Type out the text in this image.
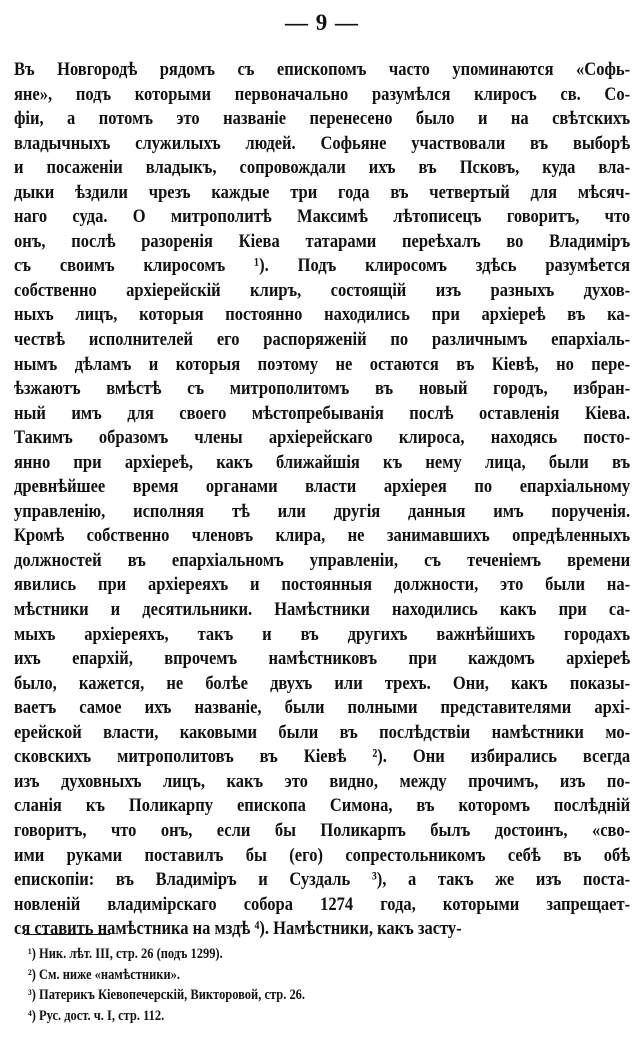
— 9 —
Въ Новгородѣ рядомъ съ епископомъ часто упоминаются «Софь-
яне», подъ которыми первоначально разумѣлся клиросъ св. Со-
фіи, а потомъ это названіе перенесено было и на свѣтскихъ
владычныхъ служилыхъ людей. Софьяне участвовали въ выборѣ
и посаженіи владыкъ, сопровождали ихъ въ Псковъ, куда вла-
дыки ѣздили чрезъ каждые три года въ четвертый для мѣсяч-
наго суда. О митрополитѣ Максимѣ лѣтописецъ говоритъ, что
онъ, послѣ разоренія Кіева татарами переѣхалъ во Владиміръ
съ своимъ клиросомъ ¹). Подъ клиросомъ здѣсь разумѣется
собственно архіерейскій клиръ, состоящій изъ разныхъ духов-
ныхъ лицъ, которыя постоянно находились при архіереѣ въ ка-
чествѣ исполнителей его распоряженій по различнымъ епархіаль-
нымъ дѣламъ и которыя поэтому не остаются въ Кіевѣ, но пере-
ѣзжаютъ вмѣстѣ съ митрополитомъ въ новый городъ, избран-
ный имъ для своего мѣстопребыванія послѣ оставленія Кіева.
Такимъ образомъ члены архіерейскаго клироса, находясь посто-
янно при архіереѣ, какъ ближайшія къ нему лица, были въ
древнѣйшее время органами власти архіерея по епархіальному
управленію, исполняя тѣ или другія данныя имъ порученія.
Кромѣ собственно членовъ клира, не занимавшихъ опредѣленныхъ
должностей въ епархіальномъ управленіи, съ теченіемъ времени
явились при архіереяхъ и постоянныя должности, это были на-
мѣстники и десятильники. Намѣстники находились какъ при са-
мыхъ архіереяхъ, такъ и въ другихъ важнѣйшихъ городахъ
ихъ епархій, впрочемъ намѣстниковъ при каждомъ архіереѣ
было, кажется, не болѣе двухъ или трехъ. Они, какъ показы-
ваетъ самое ихъ названіе, были полными представителями архі-
ерейской власти, каковыми были въ послѣдствіи намѣстники мо-
сковскихъ митрополитовъ въ Кіевѣ ²). Они избирались всегда
изъ духовныхъ лицъ, какъ это видно, между прочимъ, изъ по-
сланія къ Поликарпу епископа Симона, въ которомъ послѣдній
говоритъ, что онъ, если бы Поликарпъ былъ достоинъ, «сво-
ими руками поставилъ бы (его) сопрестольникомъ себѣ въ обѣ
епископіи: въ Владиміръ и Суздаль ³), а такъ же изъ поста-
новленій владимірскаго собора 1274 года, которыми запрещает-
ся ставить намѣстника на мздѣ ⁴). Намѣстники, какъ засту-
¹) Ник. лѣт. III, стр. 26 (подъ 1299).
²) См. ниже «намѣстники».
³) Патерикъ Кіевопечерскій, Викторовой, стр. 26.
⁴) Рус. дост. ч. I, стр. 112.
